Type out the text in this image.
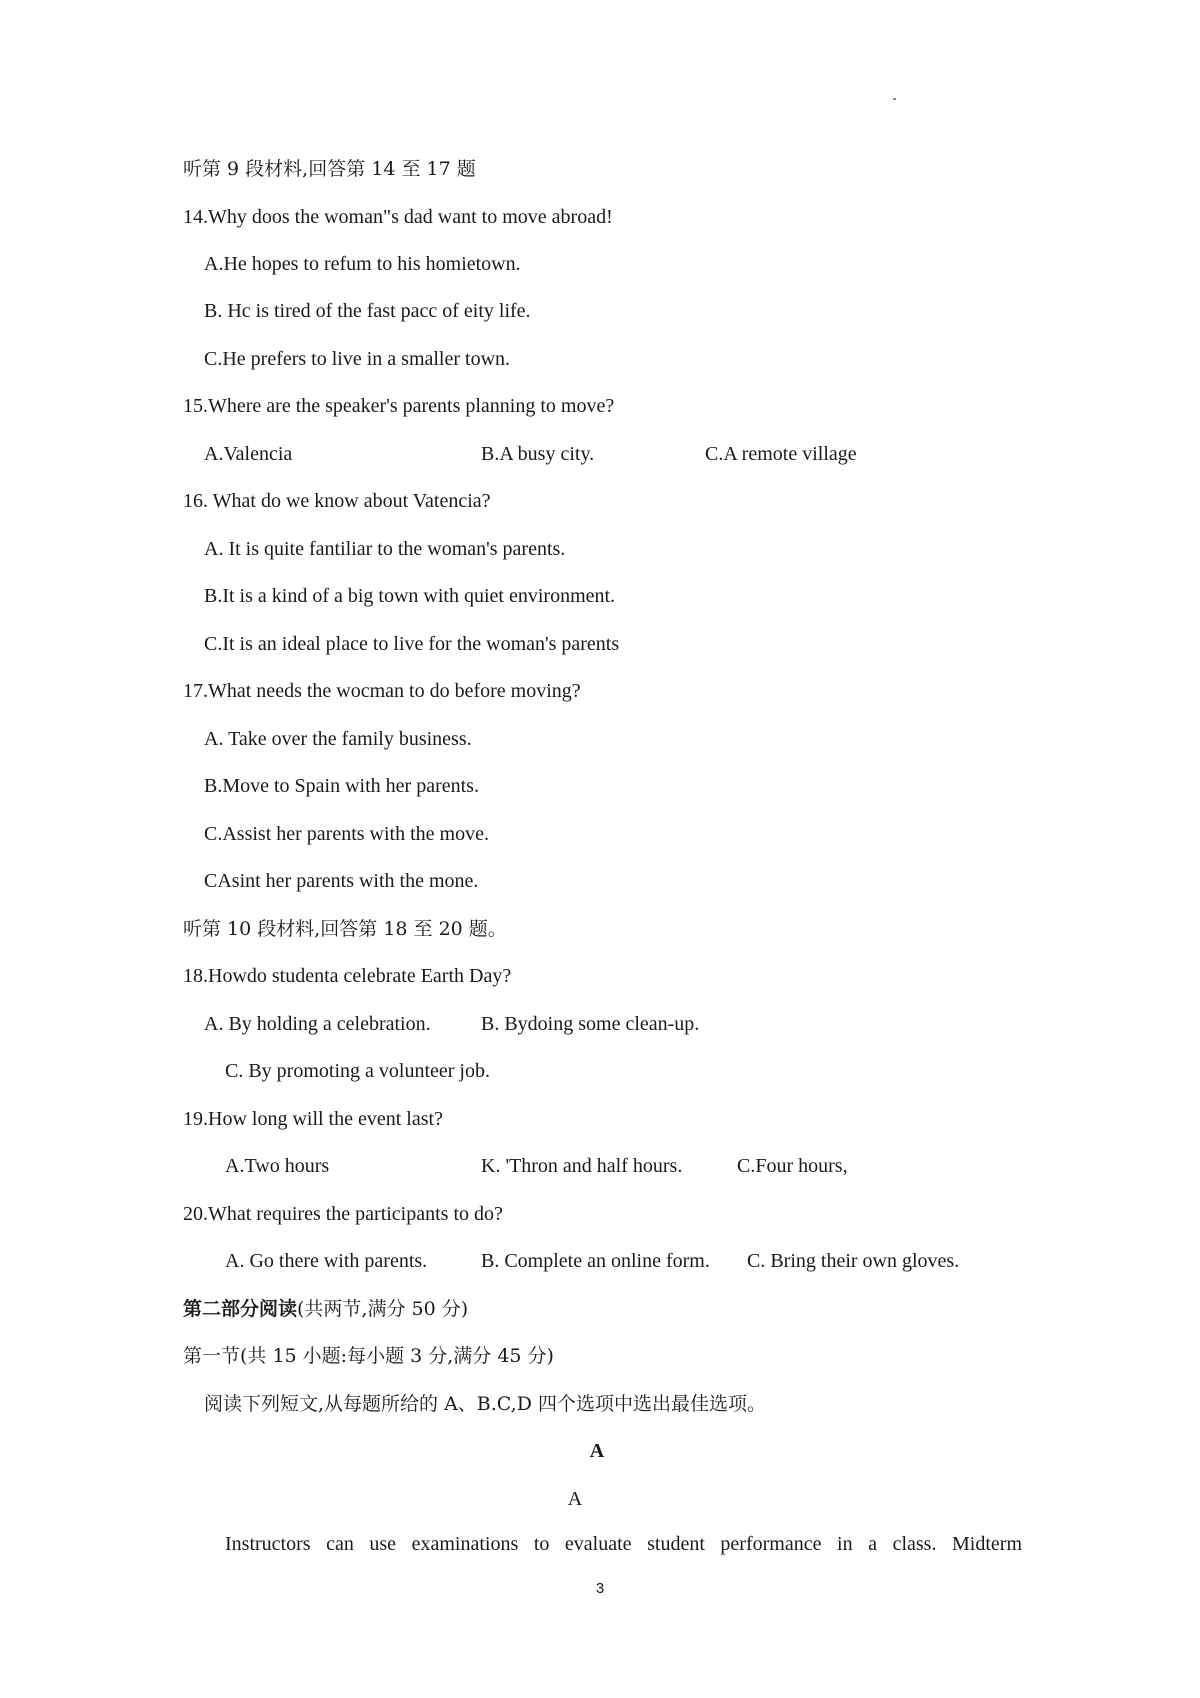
听第 9 段材料,回答第 14 至 17 题
14.Why doos the woman"s dad want to move abroad!
A.He hopes to refum to his homietown.
B. Hc is tired of the fast pacc of eity life.
C.He prefers to live in a smaller town.
15.Where are the speaker's parents planning to move?
A.Valencia	B.A busy city.	C.A remote village
16. What do we know about Vatencia?
A. It is quite fantiliar to the woman's parents.
B.It is a kind of a big town with quiet environment.
C.It is an ideal place to live for the woman's parents
17.What needs the wocman to do before moving?
A. Take over the family business.
B.Move to Spain with her parents.
C.Assist her parents with the move.
CAsint her parents with the mone.
听第 10 段材料,回答第 18 至 20 题。
18.Howdo studenta celebrate Earth Day?
A. By holding a celebration.	B. Bydoing some clean-up.
C. By promoting a volunteer job.
19.How long will the event last?
A.Two hours	K. 'Thron and half hours.	C.Four hours,
20.What requires the participants to do?
A. Go there with parents.	B. Complete an online form. C. Bring their own gloves.
第二部分阅读(共两节,满分 50 分)
第一节(共 15 小题:每小题 3 分,满分 45 分)
阅读下列短文,从每题所给的 A、B.C,D 四个选项中选出最佳选项。
A
A
Instructors can use examinations to evaluate student performance in a class. Midterm
3
